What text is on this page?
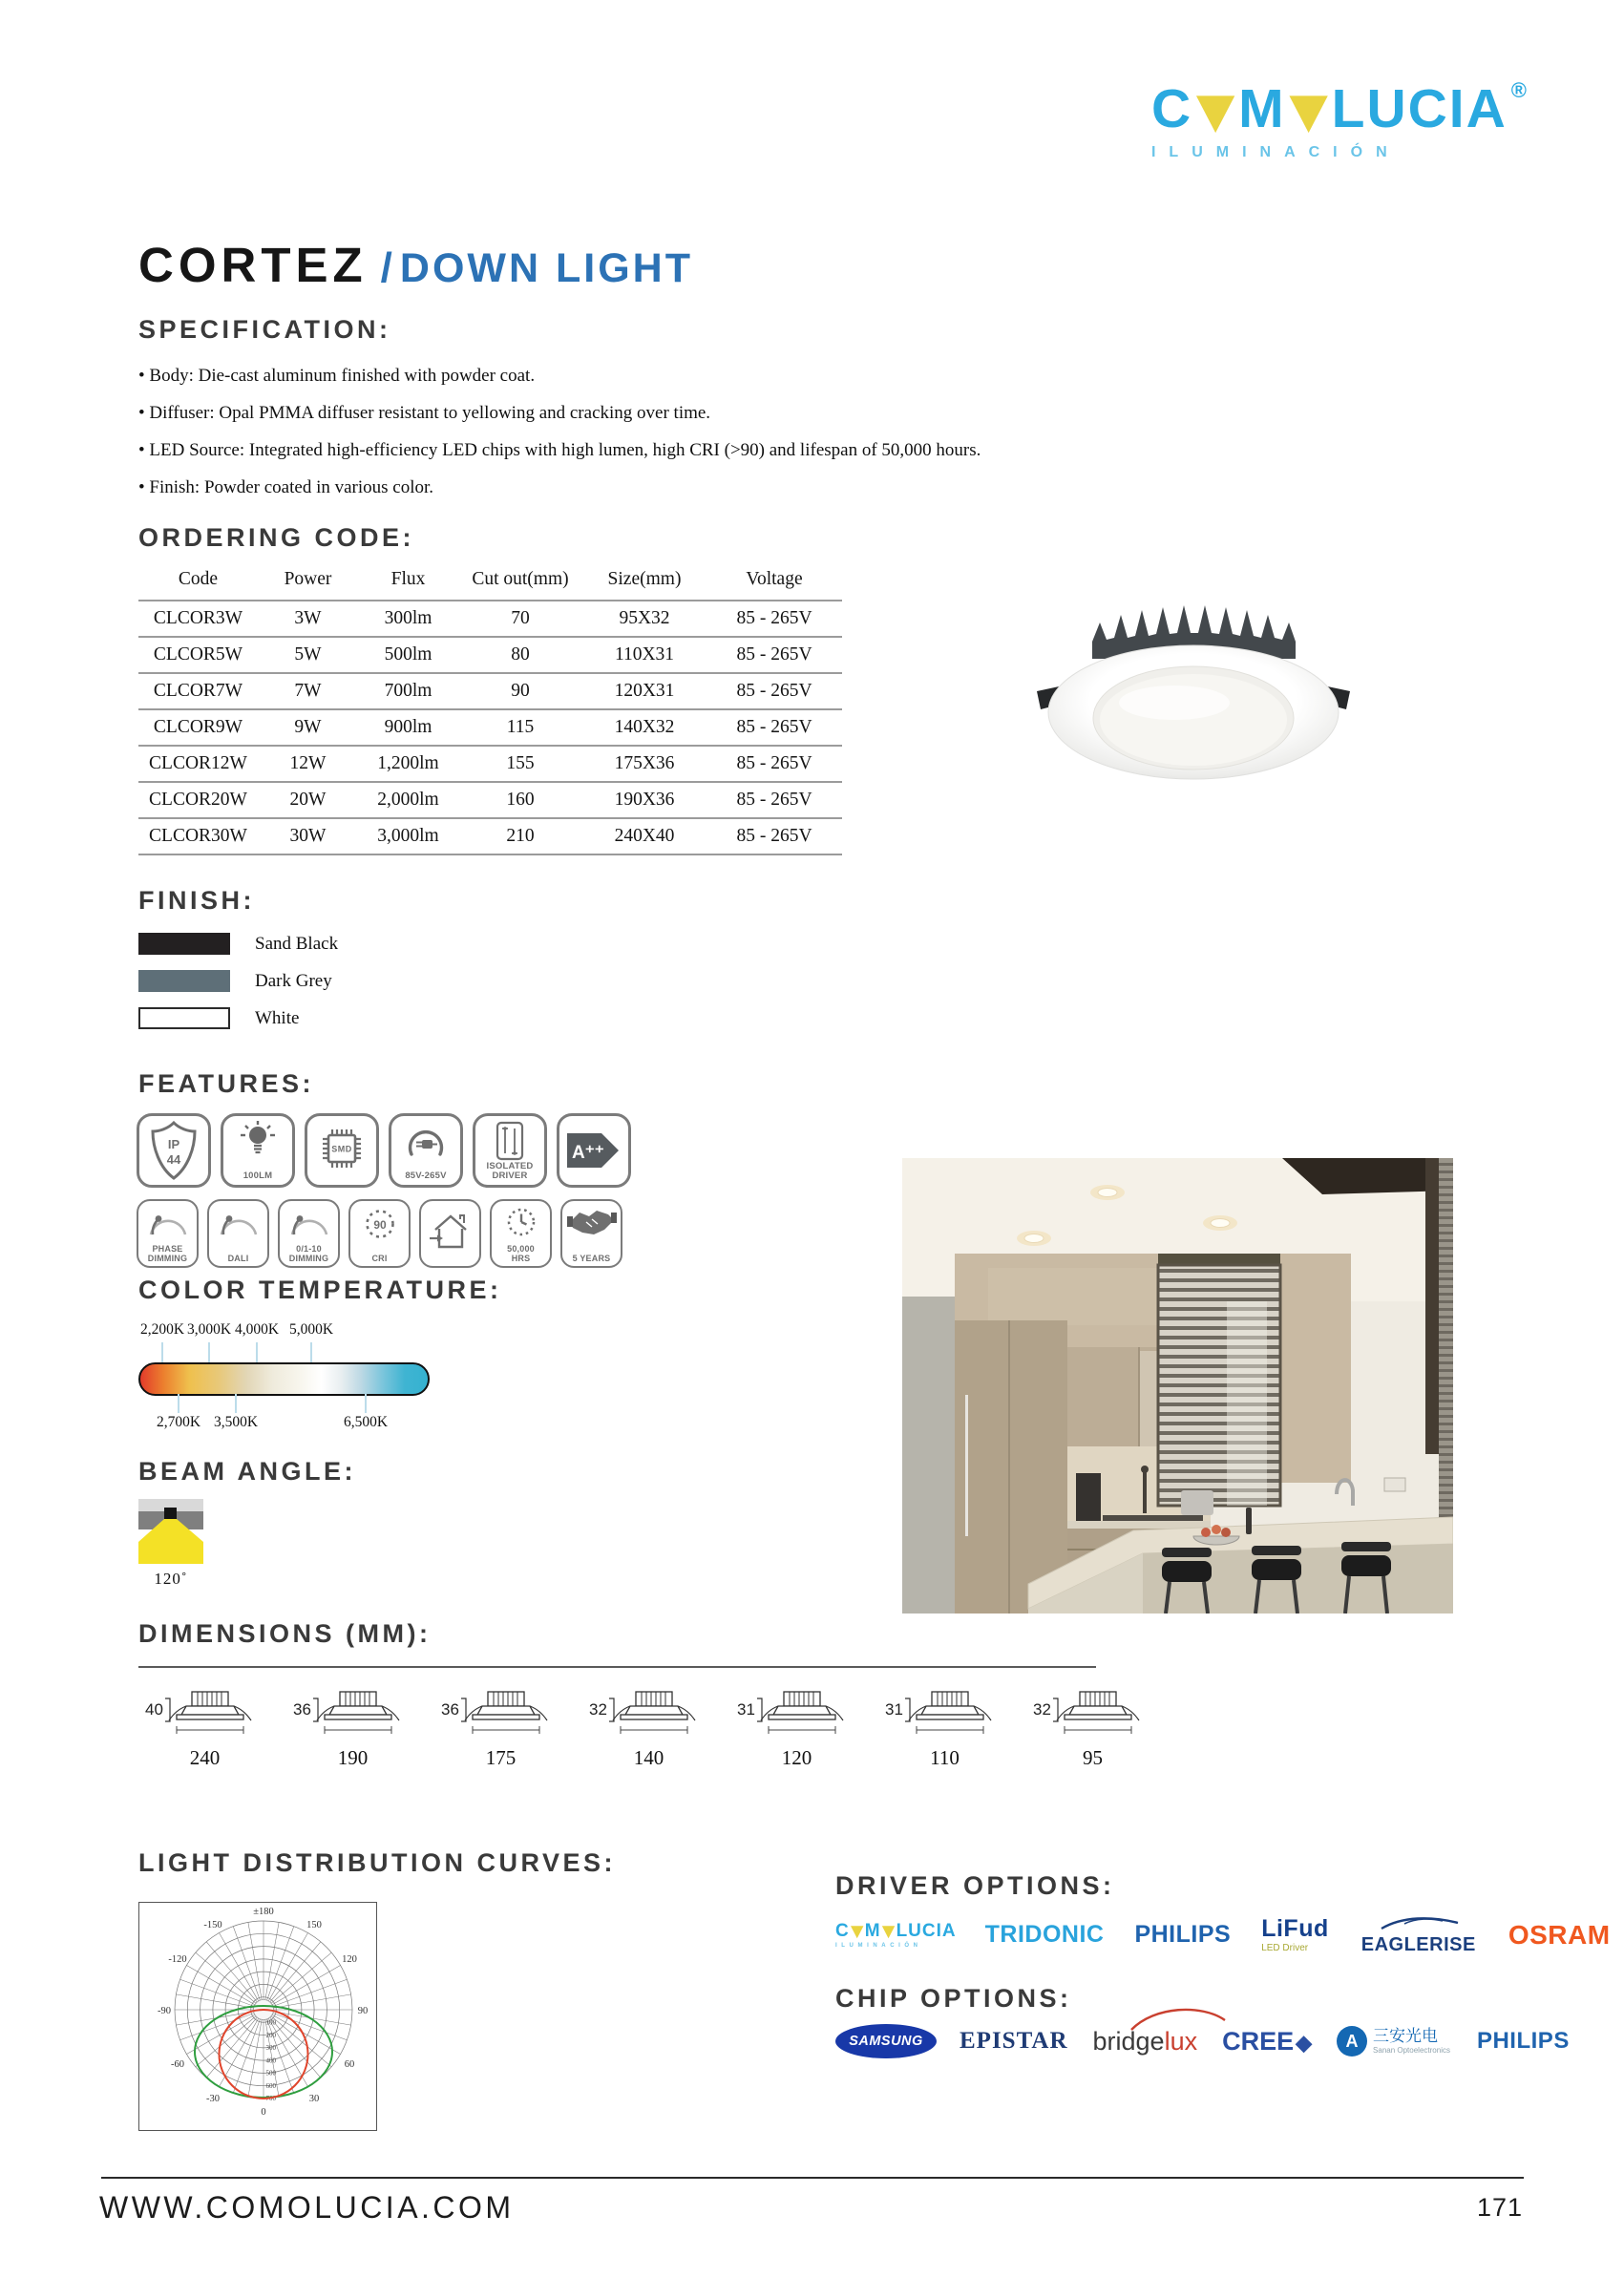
C M LUCIA ®
ILUMINACIÓN
CORTEZ / DOWN LIGHT
SPECIFICATION:
• Body: Die-cast aluminum finished with powder coat.
• Diffuser: Opal PMMA diffuser resistant to yellowing and cracking over time.
• LED Source: Integrated high-efficiency LED chips with high lumen, high CRI (>90) and lifespan of 50,000 hours.
• Finish: Powder coated in various color.
ORDERING CODE:
Code	Power	Flux	Cut out(mm)	Size(mm)	Voltage
CLCOR3W	3W	300lm	70	95X32	85 - 265V
CLCOR5W	5W	500lm	80	110X31	85 - 265V
CLCOR7W	7W	700lm	90	120X31	85 - 265V
CLCOR9W	9W	900lm	115	140X32	85 - 265V
CLCOR12W	12W	1,200lm	155	175X36	85 - 265V
CLCOR20W	20W	2,000lm	160	190X36	85 - 265V
CLCOR30W	30W	3,000lm	210	240X40	85 - 265V
FINISH:
Sand Black
Dark Grey
White
FEATURES:
IP
44
100LM
SMD
85V-265V
ISOLATED
DRIVER
A⁺⁺
PHASE
DIMMING	DALI
0/1-10
DIMMING
90
CRI
50,000
HRS	5 YEARS
COLOR TEMPERATURE:
2,200K 3,000K 4,000K 5,000K
2,700K 3,500K	6,500K
BEAM ANGLE:
120˚
DIMENSIONS (MM):
40
240
36
190
36
175
32
140
31
120
31
110
32
95
LIGHT DISTRIBUTION CURVES:
100
200
300
400
500
600
700
±180
-150	150
-120	120
-90	90
-60	60
-30	30
0
DRIVER OPTIONS:
C M LUCIA
ILUMINACIÓN	TRIDONIC PHILIPS LiFud
LED Driver	EAGLERISE OSRAM
CHIP OPTIONS:
SAMSUNG EPISTAR bridgelux CREE◆	A 三安光电
Sanan Optoelectronics PHILIPS
WWW.COMOLUCIA.COM	171
